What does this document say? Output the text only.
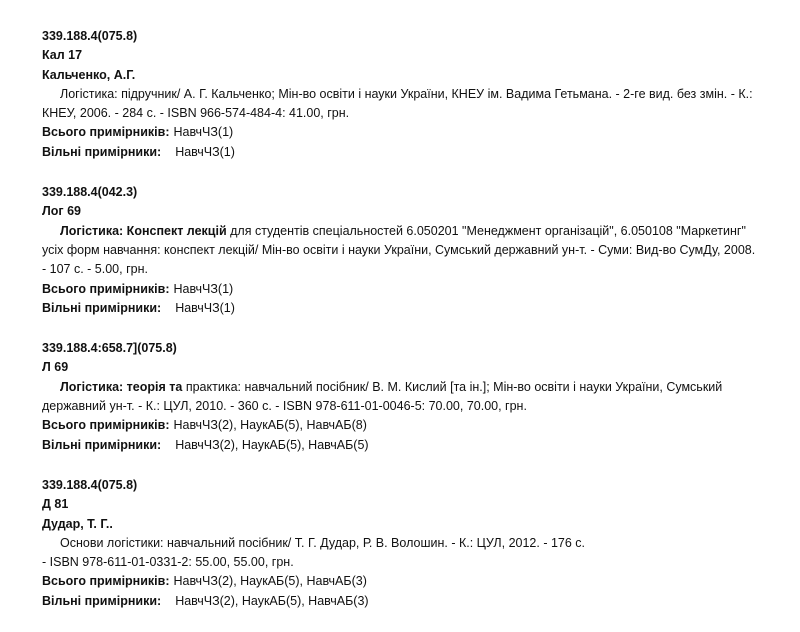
339.188.4(075.8)
Кал 17
Кальченко, А.Г.
Логістика: підручник/ А. Г. Кальченко; Мін-во освіти і науки України, КНЕУ ім. Вадима Гетьмана. - 2-ге вид. без змін. - К.: КНЕУ, 2006. - 284 с. - ISBN 966-574-484-4: 41.00, грн.
Всього примірників: НавчЧЗ(1)
Вільні примірники: НавчЧЗ(1)
339.188.4(042.3)
Лог 69
Логістика: Конспект лекцій для студентів спеціальностей 6.050201 "Менеджмент організацій", 6.050108 "Маркетинг" усіх форм навчання: конспект лекцій/ Мін-во освіти і науки України, Сумський державний ун-т. - Суми: Вид-во СумДу, 2008. - 107 с. - 5.00, грн.
Всього примірників: НавчЧЗ(1)
Вільні примірники: НавчЧЗ(1)
339.188.4:658.7](075.8)
Л 69
Логістика: теорія та практика: навчальний посібник/ В. М. Кислий [та ін.]; Мін-во освіти і науки України, Сумський державний ун-т. - К.: ЦУЛ, 2010. - 360 с. - ISBN 978-611-01-0046-5: 70.00, 70.00, грн.
Всього примірників: НавчЧЗ(2), НаукАБ(5), НавчАБ(8)
Вільні примірники: НавчЧЗ(2), НаукАБ(5), НавчАБ(5)
339.188.4(075.8)
Д 81
Дудар, Т. Г..
Основи логістики: навчальний посібник/ Т. Г. Дудар, Р. В. Волошин. - К.: ЦУЛ, 2012. - 176 с.
- ISBN 978-611-01-0331-2: 55.00, 55.00, грн.
Всього примірників: НавчЧЗ(2), НаукАБ(5), НавчАБ(3)
Вільні примірники: НавчЧЗ(2), НаукАБ(5), НавчАБ(3)
